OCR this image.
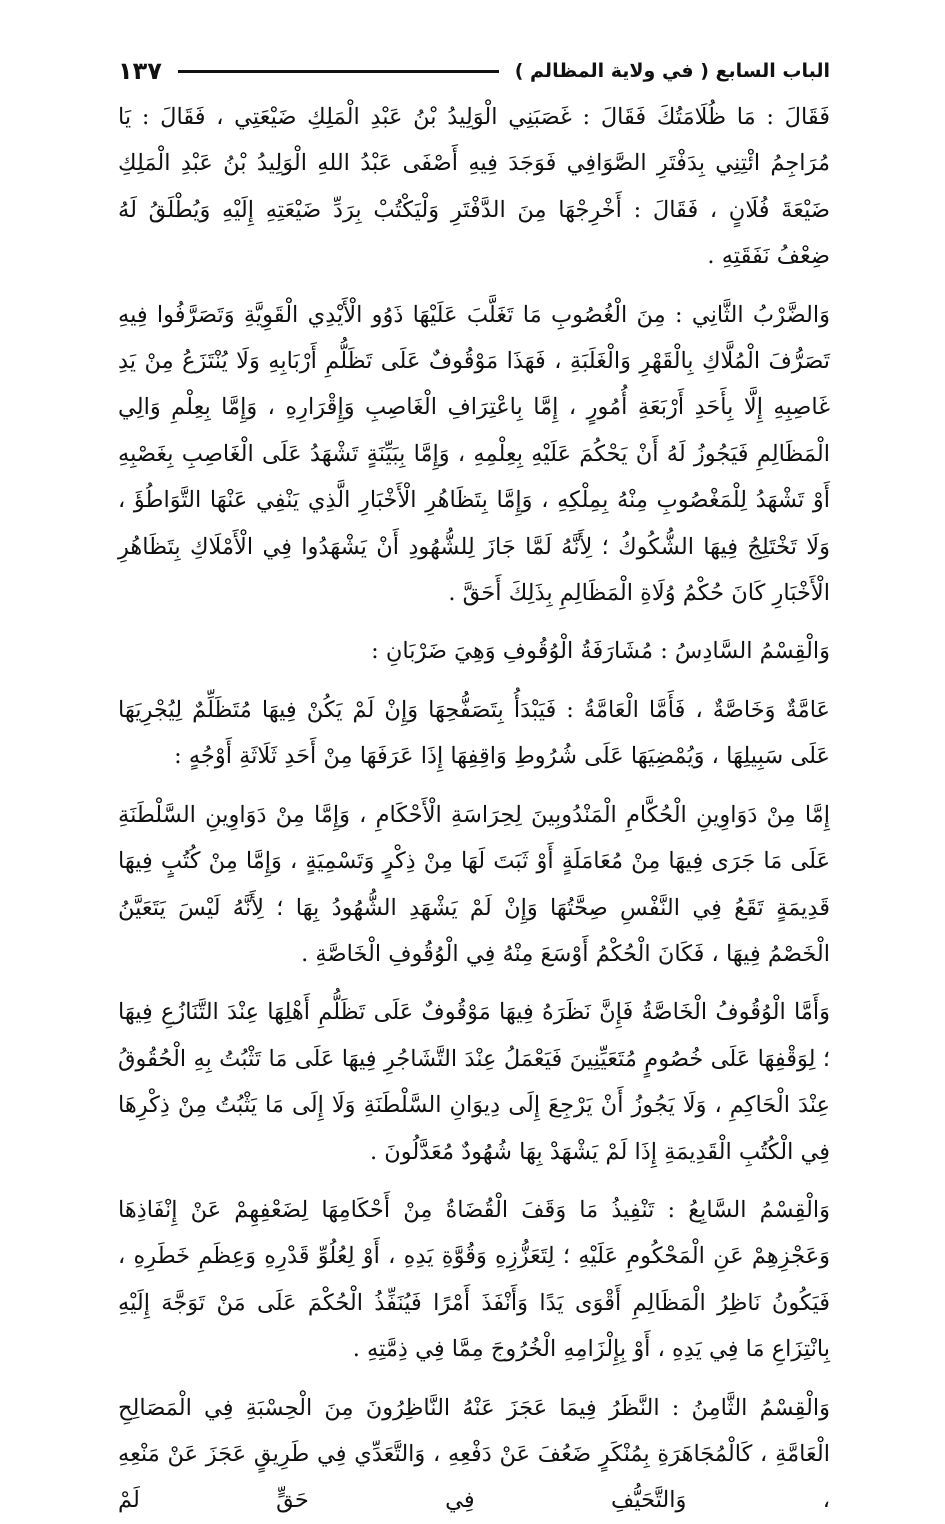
الباب السابع ( في ولاية المظالم )
١٣٧

فَقَالَ : مَا ظُلَامَتُكَ فَقَالَ : غَصَبَنِي الْوَلِيدُ بْنُ عَبْدِ الْمَلِكِ ضَيْعَتِي ، فَقَالَ : يَا مُرَاجِمُ ائْتِنِي بِدَفْتَرِ الصَّوَافِي فَوَجَدَ فِيهِ أَصْفَى عَبْدُ اللهِ الْوَلِيدُ بْنُ عَبْدِ الْمَلِكِ ضَيْعَةَ فُلَانٍ ، فَقَالَ : أَخْرِجْهَا مِنَ الدَّفْتَرِ وَلْيَكْتُبْ بِرَدِّ ضَيْعَتِهِ إِلَيْهِ وَيُطْلَقُ لَهُ ضِعْفُ نَفَقَتِهِ .

وَالضَّرْبُ الثَّانِي : مِنَ الْغُصُوبِ مَا تَغَلَّبَ عَلَيْهَا ذَوُو الْأَيْدِي الْقَوِيَّةِ وَتَصَرَّفُوا فِيهِ تَصَرُّفَ الْمُلَّاكِ بِالْقَهْرِ وَالْغَلَبَةِ ، فَهَذَا مَوْقُوفٌ عَلَى تَظَلُّمِ أَرْبَابِهِ وَلَا يُنْتَزَعُ مِنْ يَدِ غَاصِبِهِ إِلَّا بِأَحَدِ أَرْبَعَةِ أُمُورٍ ، إِمَّا بِاعْتِرَافِ الْغَاصِبِ وَإِقْرَارِهِ ، وَإِمَّا بِعِلْمِ وَالِي الْمَظَالِمِ فَيَجُوزُ لَهُ أَنْ يَحْكُمَ عَلَيْهِ بِعِلْمِهِ ، وَإِمَّا بِبَيِّنَةٍ تَشْهَدُ عَلَى الْغَاصِبِ بِغَصْبِهِ أَوْ تَشْهَدُ لِلْمَغْصُوبِ مِنْهُ بِمِلْكِهِ ، وَإِمَّا بِتَظَاهُرِ الْأَخْبَارِ الَّذِي يَنْفِي عَنْهَا التَّوَاطُؤَ ، وَلَا تَخْتَلِجُ فِيهَا الشُّكُوكُ ؛ لِأَنَّهُ لَمَّا جَازَ لِلشُّهُودِ أَنْ يَشْهَدُوا فِي الْأَمْلَاكِ بِتَظَاهُرِ الْأَخْبَارِ كَانَ حُكْمُ وُلَاةِ الْمَظَالِمِ بِذَلِكَ أَحَقَّ .

وَالْقِسْمُ السَّادِسُ : مُشَارَفَةُ الْوُقُوفِ وَهِيَ ضَرْبَانِ :

عَامَّةٌ وَخَاصَّةٌ ، فَأَمَّا الْعَامَّةُ : فَيَبْدَأُ بِتَصَفُّحِهَا وَإِنْ لَمْ يَكُنْ فِيهَا مُتَظَلِّمٌ لِيُجْرِيَهَا عَلَى سَبِيلِهَا ، وَيُمْضِيَهَا عَلَى شُرُوطِ وَاقِفِهَا إِذَا عَرَفَهَا مِنْ أَحَدِ ثَلَاثَةِ أَوْجُهٍ :

إِمَّا مِنْ دَوَاوِينِ الْحُكَّامِ الْمَنْدُوبِينَ لِحِرَاسَةِ الْأَحْكَامِ ، وَإِمَّا مِنْ دَوَاوِينِ السَّلْطَنَةِ عَلَى مَا جَرَى فِيهَا مِنْ مُعَامَلَةٍ أَوْ ثَبَتَ لَهَا مِنْ ذِكْرٍ وَتَسْمِيَةٍ ، وَإِمَّا مِنْ كُتُبٍ فِيهَا قَدِيمَةٍ تَقَعُ فِي النَّفْسِ صِحَّتُهَا وَإِنْ لَمْ يَشْهَدِ الشُّهُودُ بِهَا ؛ لِأَنَّهُ لَيْسَ يَتَعَيَّنُ الْخَصْمُ فِيهَا ، فَكَانَ الْحُكْمُ أَوْسَعَ مِنْهُ فِي الْوُقُوفِ الْخَاصَّةِ .

وَأَمَّا الْوُقُوفُ الْخَاصَّةُ فَإِنَّ نَظَرَهُ فِيهَا مَوْقُوفٌ عَلَى تَظَلُّمِ أَهْلِهَا عِنْدَ التَّنَازُعِ فِيهَا ؛ لِوَقْفِهَا عَلَى خُصُومٍ مُتَعَيِّنِينَ فَيَعْمَلُ عِنْدَ التَّشَاجُرِ فِيهَا عَلَى مَا تَثْبُتُ بِهِ الْحُقُوقُ عِنْدَ الْحَاكِمِ ، وَلَا يَجُوزُ أَنْ يَرْجِعَ إِلَى دِيوَانِ السَّلْطَنَةِ وَلَا إِلَى مَا يَثْبُتُ مِنْ ذِكْرِهَا فِي الْكُتُبِ الْقَدِيمَةِ إِذَا لَمْ يَشْهَدْ بِهَا شُهُودٌ مُعَدَّلُونَ .

وَالْقِسْمُ السَّابِعُ : تَنْفِيذُ مَا وَقَفَ الْقُضَاةُ مِنْ أَحْكَامِهَا لِضَعْفِهِمْ عَنْ إِنْفَاذِهَا وَعَجْزِهِمْ عَنِ الْمَحْكُومِ عَلَيْهِ ؛ لِتَعَزُّزِهِ وَقُوَّةِ يَدِهِ ، أَوْ لِعُلُوِّ قَدْرِهِ وَعِظَمِ خَطَرِهِ ، فَيَكُونُ نَاظِرُ الْمَظَالِمِ أَقْوَى يَدًا وَأَنْفَذَ أَمْرًا فَيُنَفِّذُ الْحُكْمَ عَلَى مَنْ تَوَجَّهَ إِلَيْهِ بِانْتِزَاعِ مَا فِي يَدِهِ ، أَوْ بِإِلْزَامِهِ الْخُرُوجَ مِمَّا فِي ذِمَّتِهِ .

وَالْقِسْمُ الثَّامِنُ : النَّظَرُ فِيمَا عَجَزَ عَنْهُ النَّاظِرُونَ مِنَ الْحِسْبَةِ فِي الْمَصَالِحِ الْعَامَّةِ ، كَالْمُجَاهَرَةِ بِمُنْكَرٍ ضَعُفَ عَنْ دَفْعِهِ ، وَالتَّعَدِّي فِي طَرِيقٍ عَجَزَ عَنْ مَنْعِهِ ، وَالتَّحَيُّفِ فِي حَقٍّ لَمْ
